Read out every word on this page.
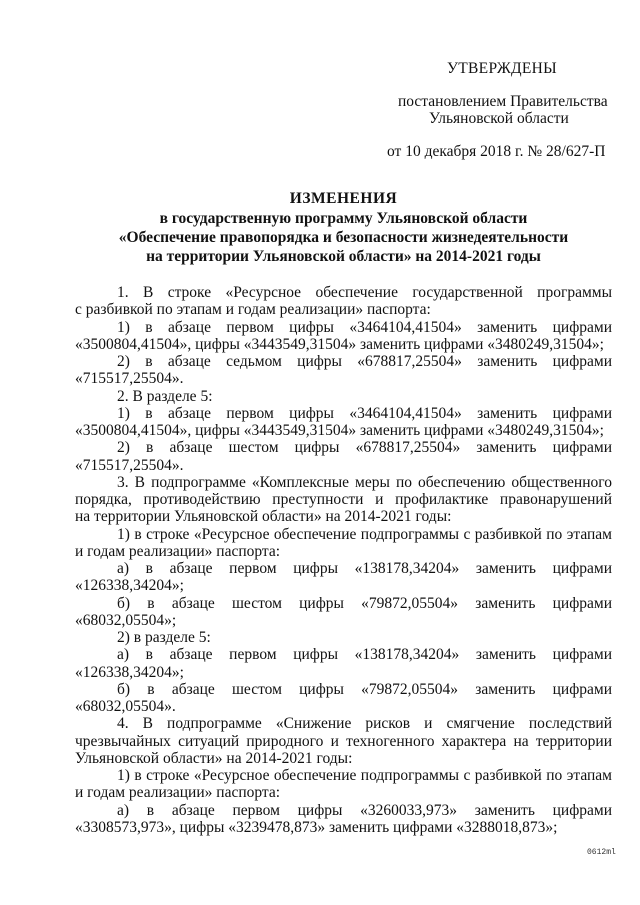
УТВЕРЖДЕНЫ
постановлением Правительства
Ульяновской области
от 10 декабря 2018 г. № 28/627-П
ИЗМЕНЕНИЯ
в государственную программу Ульяновской области
«Обеспечение правопорядка и безопасности жизнедеятельности
на территории Ульяновской области» на 2014-2021 годы
1. В строке «Ресурсное обеспечение государственной программы
с разбивкой по этапам и годам реализации» паспорта:
1) в абзаце первом цифры «3464104,41504» заменить цифрами
«3500804,41504», цифры «3443549,31504» заменить цифрами «3480249,31504»;
2) в абзаце седьмом цифры «678817,25504» заменить цифрами
«715517,25504».
2. В разделе 5:
1) в абзаце первом цифры «3464104,41504» заменить цифрами
«3500804,41504», цифры «3443549,31504» заменить цифрами «3480249,31504»;
2) в абзаце шестом цифры «678817,25504» заменить цифрами
«715517,25504».
3. В подпрограмме «Комплексные меры по обеспечению общественного
порядка, противодействию преступности и профилактике правонарушений
на территории Ульяновской области» на 2014-2021 годы:
1) в строке «Ресурсное обеспечение подпрограммы с разбивкой по этапам
и годам реализации» паспорта:
а) в абзаце первом цифры «138178,34204» заменить цифрами
«126338,34204»;
б) в абзаце шестом цифры «79872,05504» заменить цифрами
«68032,05504»;
2) в разделе 5:
а) в абзаце первом цифры «138178,34204» заменить цифрами
«126338,34204»;
б) в абзаце шестом цифры «79872,05504» заменить цифрами
«68032,05504».
4. В подпрограмме «Снижение рисков и смягчение последствий
чрезвычайных ситуаций природного и техногенного характера на территории
Ульяновской области» на 2014-2021 годы:
1) в строке «Ресурсное обеспечение подпрограммы с разбивкой по этапам
и годам реализации» паспорта:
а) в абзаце первом цифры «3260033,973» заменить цифрами
«3308573,973», цифры «3239478,873» заменить цифрами «3288018,873»;
0612ml
